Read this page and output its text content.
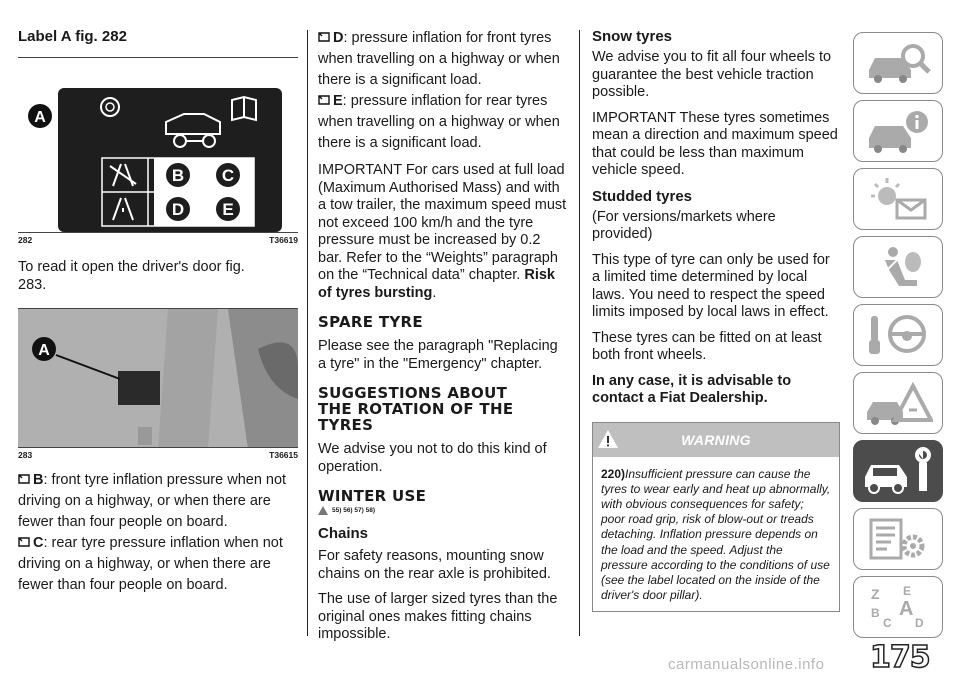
Label A fig. 282
B C
D E
A
282	T36619

To read it open the driver's door fig. 283.

A
283	T36615

B: front tyre inflation pressure when not driving on a highway, or when there are fewer than four people on board.

C: rear tyre pressure inflation when not driving on a highway, or when there are fewer than four people on board.

D: pressure inflation for front tyres when travelling on a highway or when there is a significant load.

E: pressure inflation for rear tyres when travelling on a highway or when there is a significant load.

IMPORTANT For cars used at full load (Maximum Authorised Mass) and with a tow trailer, the maximum speed must not exceed 100 km/h and the tyre pressure must be increased by 0.2 bar. Refer to the “Weights” paragraph on the “Technical data” chapter. Risk of tyres bursting.

SPARE TYRE

Please see the paragraph "Replacing a tyre" in the "Emergency" chapter.

SUGGESTIONS ABOUT
THE ROTATION OF THE
TYRES

We advise you not to do this kind of operation.

WINTER USE
55) 56) 57) 58)
Chains

For safety reasons, mounting snow chains on the rear axle is prohibited.

The use of larger sized tyres than the original ones makes fitting chains impossible.

Snow tyres

We advise you to fit all four wheels to guarantee the best vehicle traction possible.

IMPORTANT These tyres sometimes mean a direction and maximum speed that could be less than maximum vehicle speed.

Studded tyres

(For versions/markets where provided)

This type of tyre can only be used for a limited time determined by local laws. You need to respect the speed limits imposed by local laws in effect.

These tyres can be fitted on at least both front wheels.

In any case, it is advisable to contact a Fiat Dealership.

WARNING
220)Insufficient pressure can cause the tyres to wear early and heat up abnormally, with obvious consequences for safety; poor road grip, risk of blow-out or treads detaching. Inflation pressure depends on the load and the speed. Adjust the pressure according to the conditions of use (see the label located on the inside of the driver's door pillar).	Z E
B A
C D
175
carmanualsonline.info
